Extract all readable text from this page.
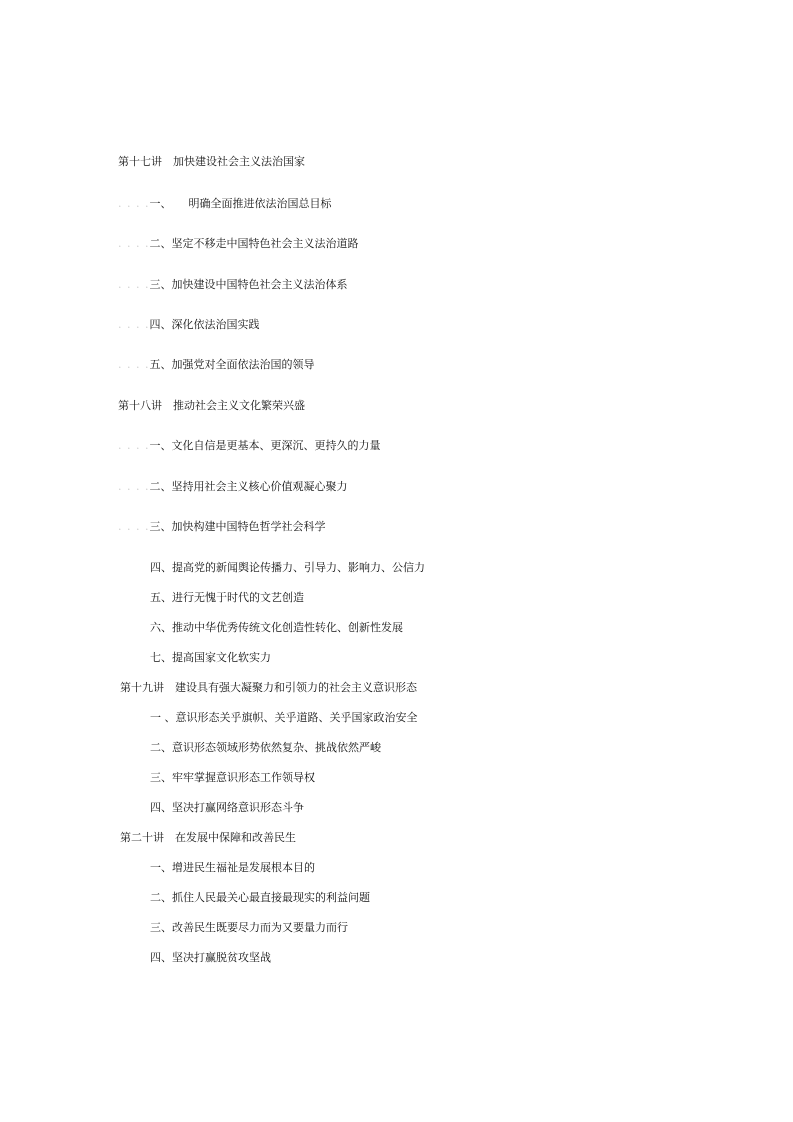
第十七讲 加快建设社会主义法治国家
. . . .一、 明确全面推进依法治国总目标
. . . .二、坚定不移走中国特色社会主义法治道路
. . . .三、加快建设中国特色社会主义法治体系
. . . .四、深化依法治国实践
. . . .五、加强党对全面依法治国的领导
第十八讲 推动社会主义文化繁荣兴盛
. . . .一、文化自信是更基本、更深沉、更持久的力量
. . . .二、坚持用社会主义核心价值观凝心聚力
. . . .三、加快构建中国特色哲学社会科学
四、提高党的新闻舆论传播力、引导力、影响力、公信力
五、进行无愧于时代的文艺创造
六、推动中华优秀传统文化创造性转化、创新性发展
七、提高国家文化软实力
第十九讲 建设具有强大凝聚力和引领力的社会主义意识形态
一 、意识形态关乎旗帜、关乎道路、关乎国家政治安全
二、意识形态领域形势依然复杂、挑战依然严峻
三、牢牢掌握意识形态工作领导权
四、坚决打赢网络意识形态斗争
第二十讲 在发展中保障和改善民生
一、增进民生福祉是发展根本目的
二、抓住人民最关心最直接最现实的利益问题
三、改善民生既要尽力而为又要量力而行
四、坚决打赢脱贫攻坚战
